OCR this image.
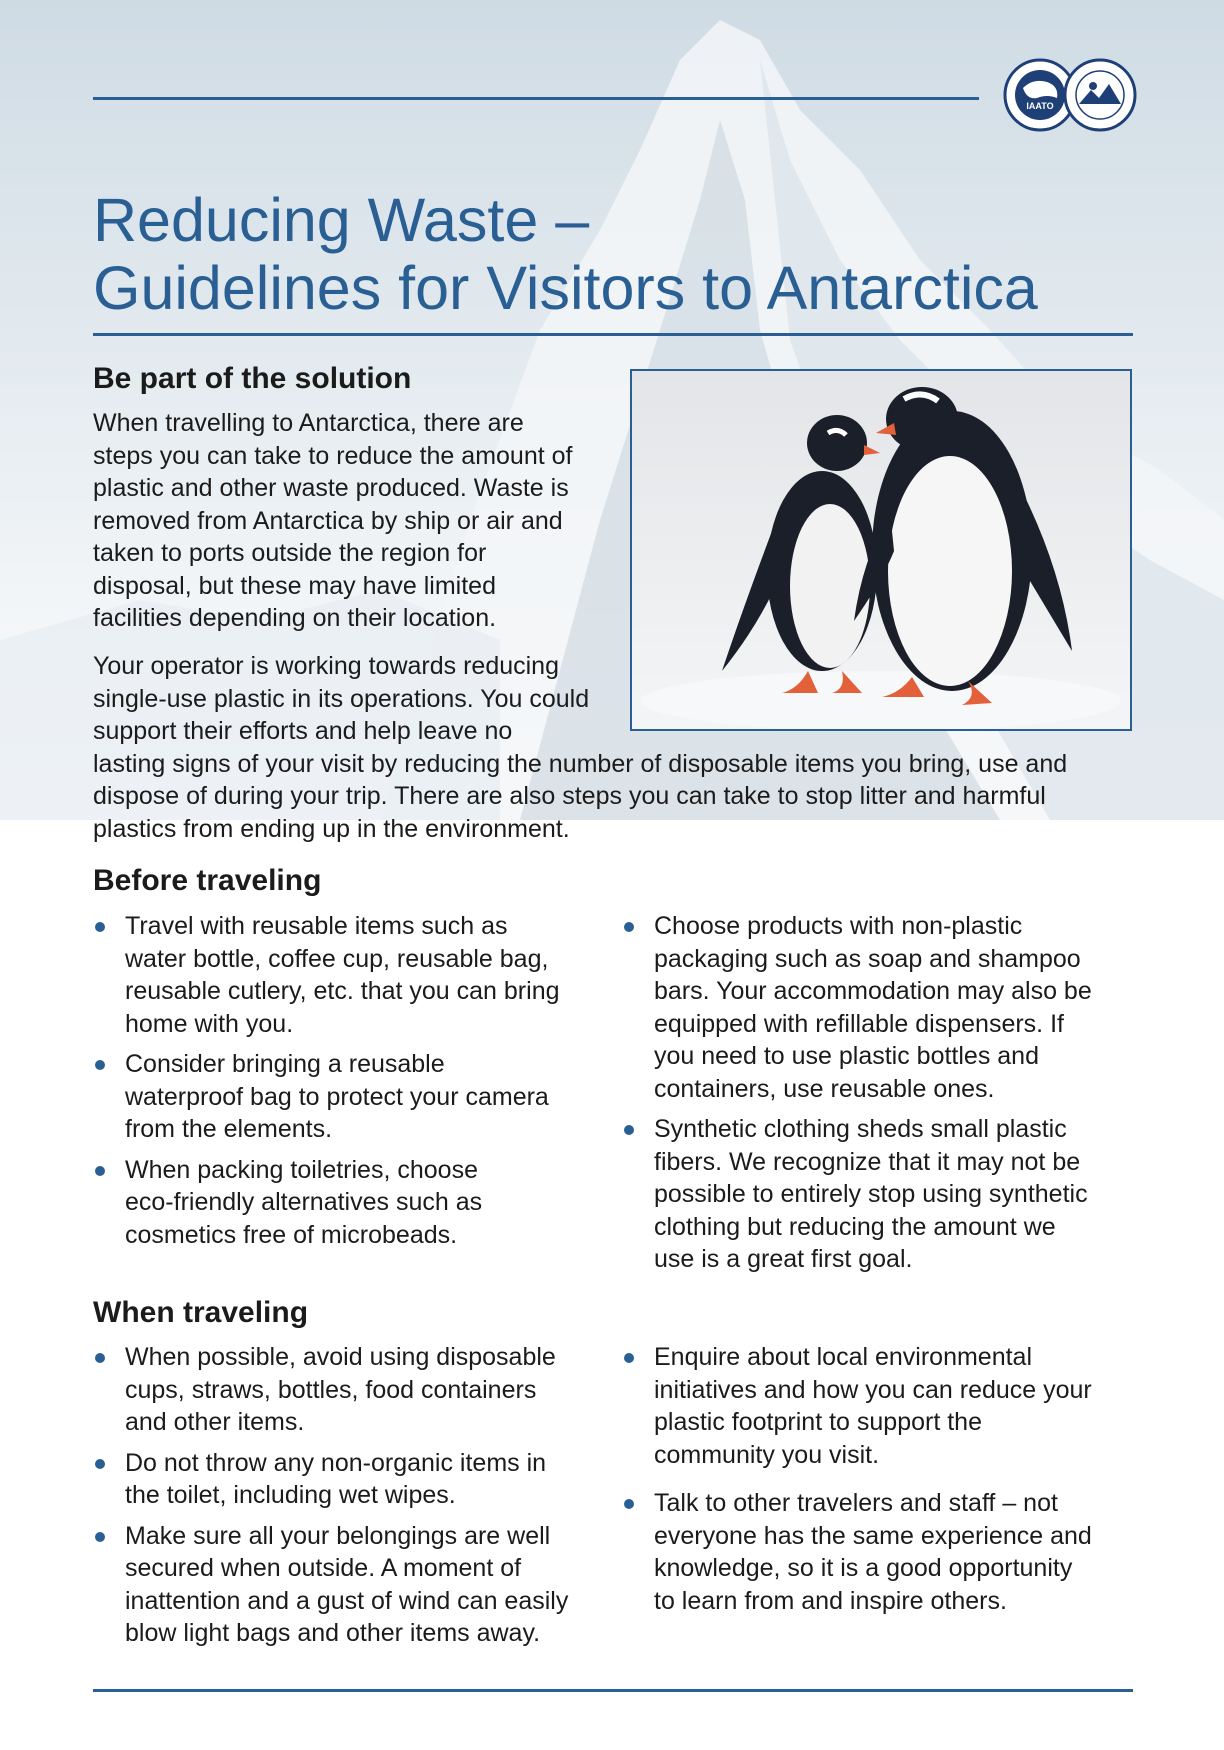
IAATO
Reducing Waste –
Guidelines for Visitors to Antarctica
Be part of the solution
When travelling to Antarctica, there are
steps you can take to reduce the amount of
plastic and other waste produced. Waste is
removed from Antarctica by ship or air and
taken to ports outside the region for
disposal, but these may have limited
facilities depending on their location.
Your operator is working towards reducing
single-use plastic in its operations. You could
support their efforts and help leave no
lasting signs of your visit by reducing the number of disposable items you bring, use and
dispose of during your trip. There are also steps you can take to stop litter and harmful
plastics from ending up in the environment.
Before traveling
Travel with reusable items such as
water bottle, coffee cup, reusable bag,
reusable cutlery, etc. that you can bring
home with you.
Consider bringing a reusable
waterproof bag to protect your camera
from the elements.
When packing toiletries, choose
eco-friendly alternatives such as
cosmetics free of microbeads.
Choose products with non-plastic
packaging such as soap and shampoo
bars. Your accommodation may also be
equipped with refillable dispensers. If
you need to use plastic bottles and
containers, use reusable ones.
Synthetic clothing sheds small plastic
fibers. We recognize that it may not be
possible to entirely stop using synthetic
clothing but reducing the amount we
use is a great first goal.
When traveling
When possible, avoid using disposable
cups, straws, bottles, food containers
and other items.
Do not throw any non-organic items in
the toilet, including wet wipes.
Make sure all your belongings are well
secured when outside. A moment of
inattention and a gust of wind can easily
blow light bags and other items away.
Enquire about local environmental
initiatives and how you can reduce your
plastic footprint to support the
community you visit.
Talk to other travelers and staff – not
everyone has the same experience and
knowledge, so it is a good opportunity
to learn from and inspire others.
